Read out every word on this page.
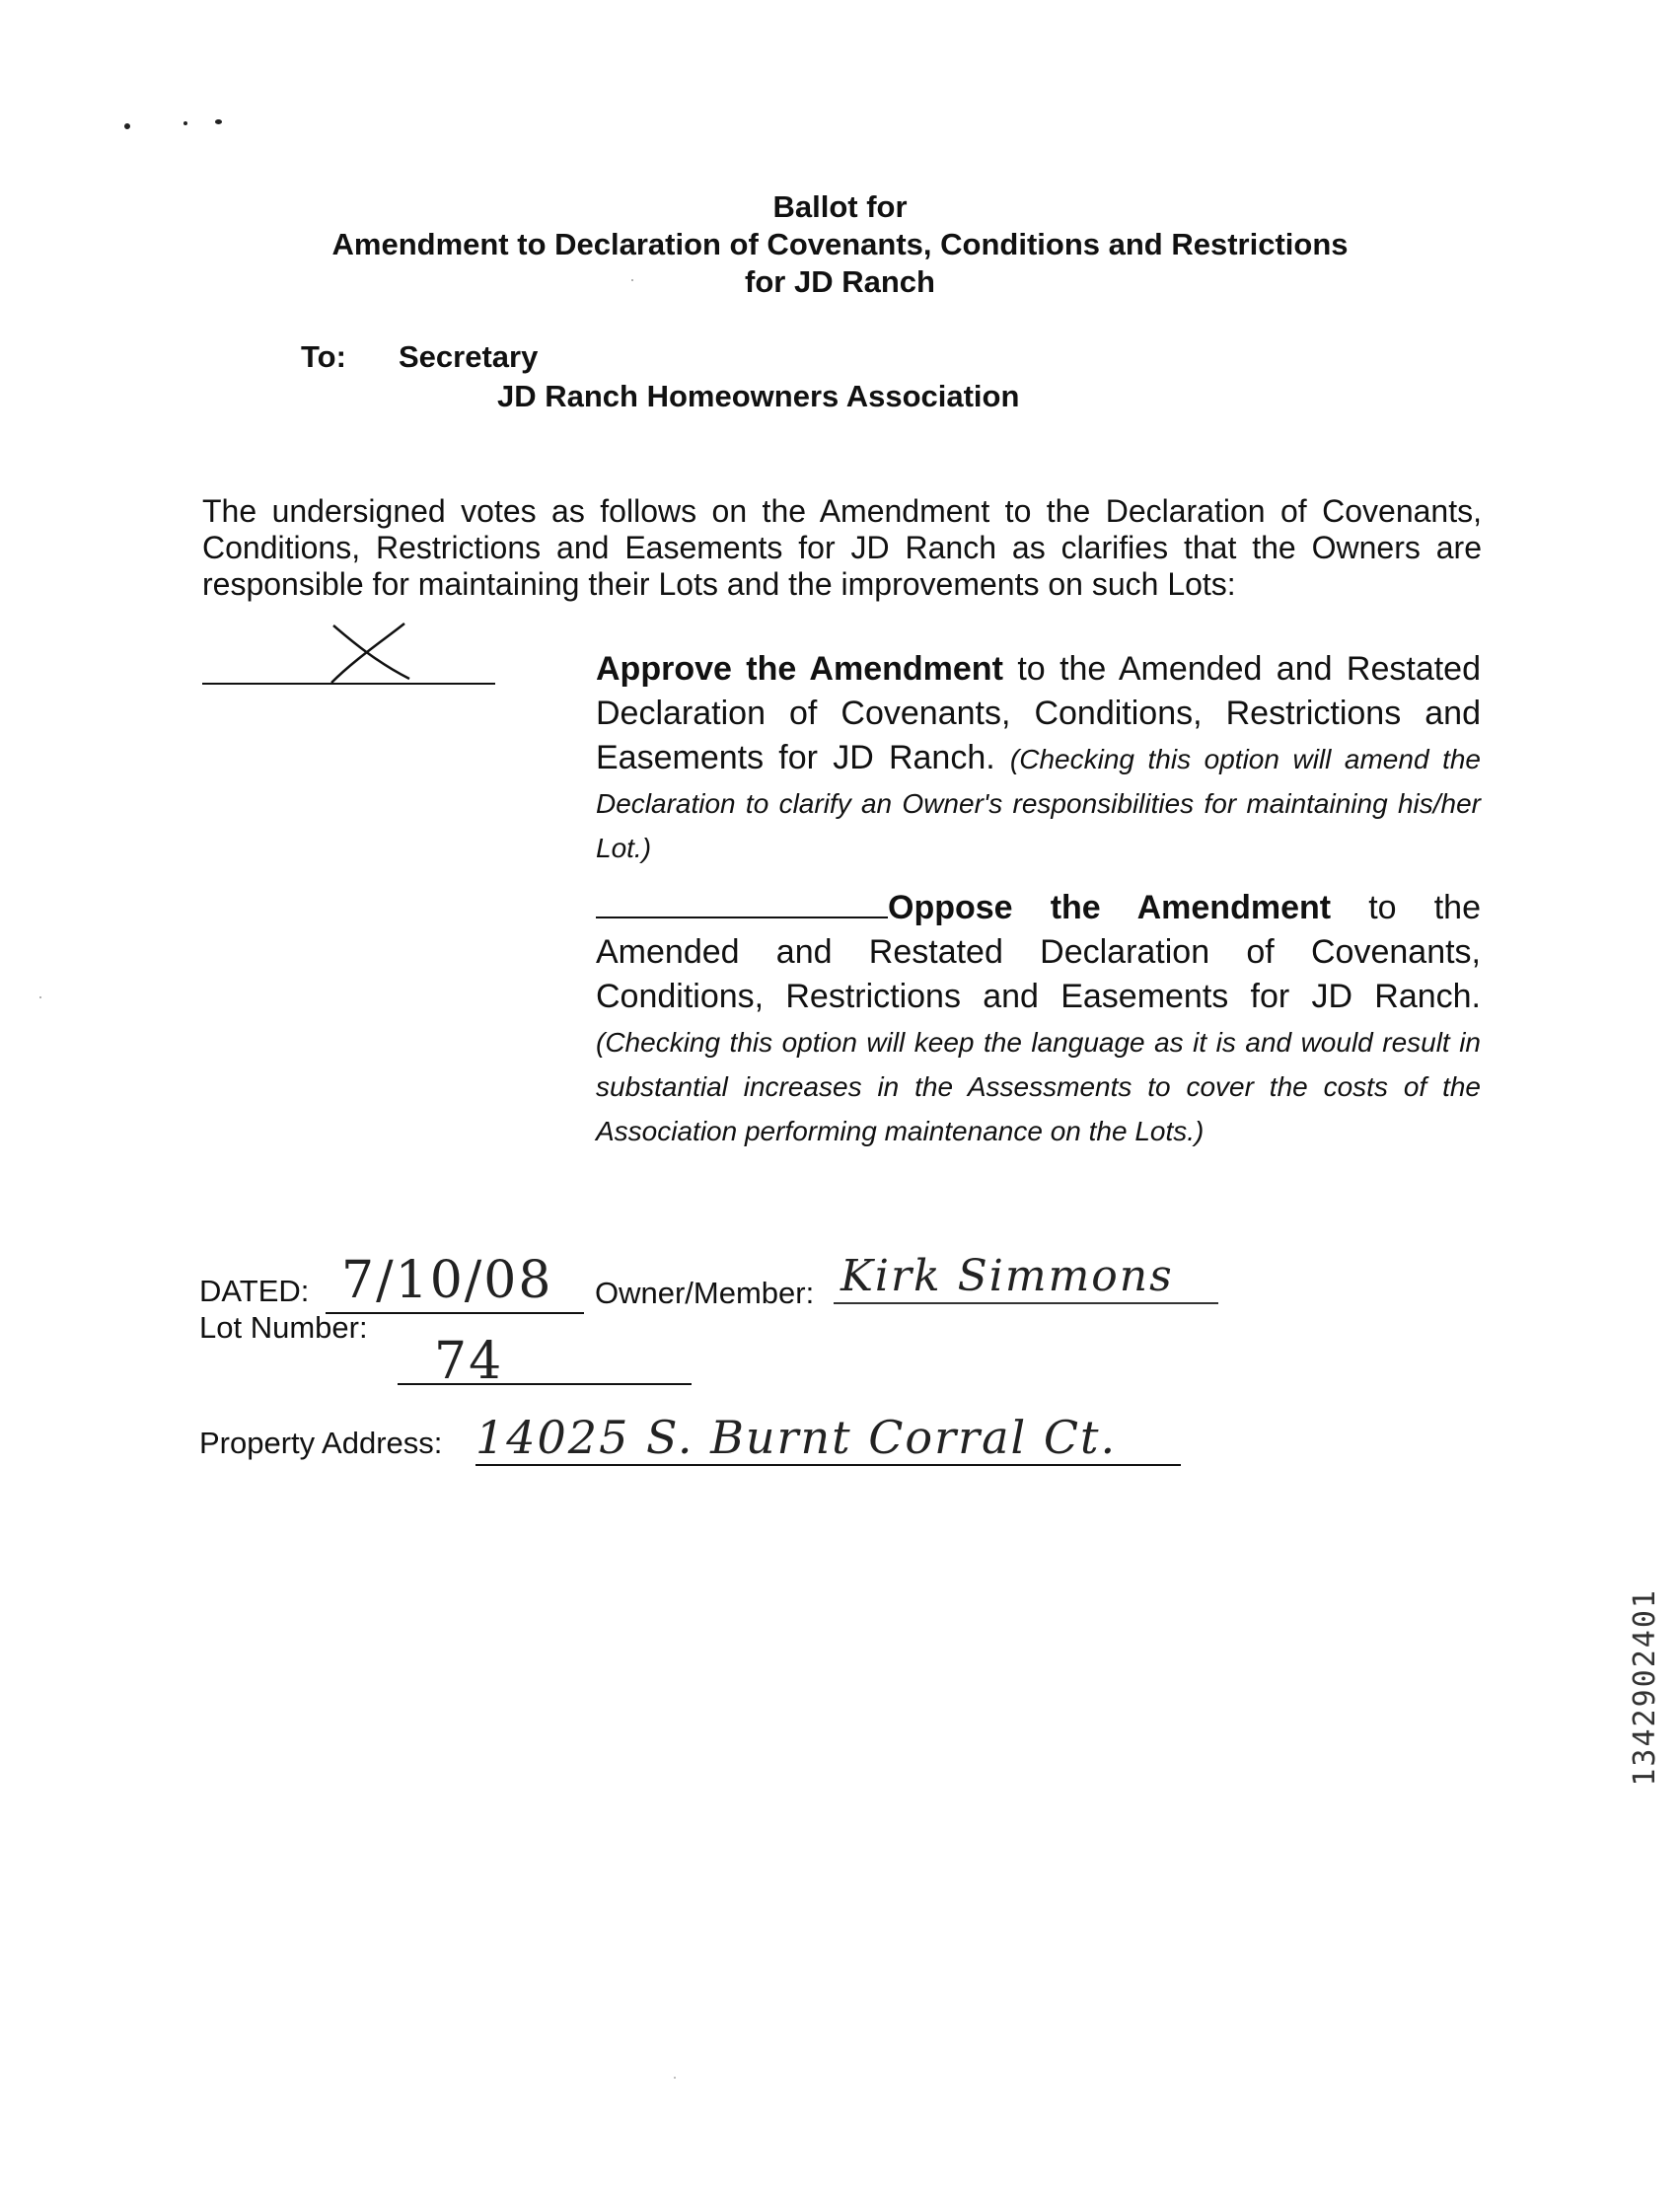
Ballot for
Amendment to Declaration of Covenants, Conditions and Restrictions
for JD Ranch
To: Secretary
JD Ranch Homeowners Association
The undersigned votes as follows on the Amendment to the Declaration of Covenants, Conditions, Restrictions and Easements for JD Ranch as clarifies that the Owners are responsible for maintaining their Lots and the improvements on such Lots:
Approve the Amendment to the Amended and Restated Declaration of Covenants, Conditions, Restrictions and Easements for JD Ranch. (Checking this option will amend the Declaration to clarify an Owner's responsibilities for maintaining his/her Lot.)
Oppose the Amendment to the Amended and Restated Declaration of Covenants, Conditions, Restrictions and Easements for JD Ranch. (Checking this option will keep the language as it is and would result in substantial increases in the Assessments to cover the costs of the Association performing maintenance on the Lots.)
DATED: 7/10/08 Owner/Member: Kirk Simmons
Lot Number:
74
Property Address: 14025 S. Burnt Corral Ct.
1342902401
